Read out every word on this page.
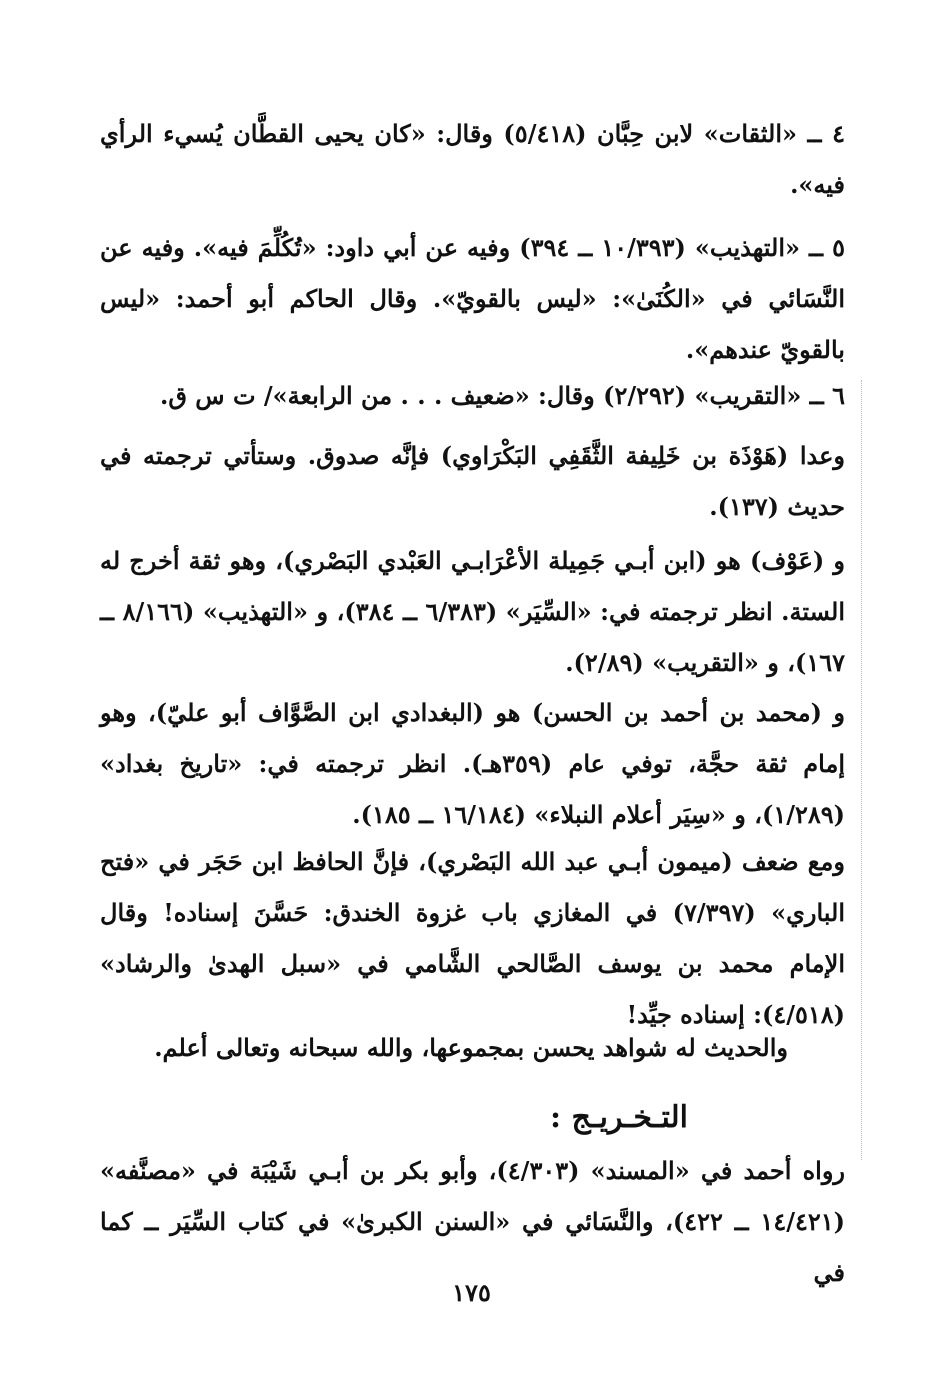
٤ ــ «الثقات» لابن حِبَّان (٥/٤١٨) وقال: «كان يحيى القطَّان يُسيء الرأي فيه».

٥ ــ «التهذيب» (١٠/٣٩٣ ــ ٣٩٤) وفيه عن أبي داود: «تُكُلِّمَ فيه». وفيه عن النَّسَائي في «الكُنَىٰ»: «ليس بالقويّ». وقال الحاكم أبو أحمد: «ليس بالقويّ عندهم».

٦ ــ «التقريب» (٢/٢٩٢) وقال: «ضعيف . . . من الرابعة»/ ت س ق.

وعدا (هَوْذَة بن خَلِيفة الثَّقَفِي البَكْرَاوي) فإنَّه صدوق. وستأتي ترجمته في حديث (١٣٧).

و (عَوْف) هو (ابن أبـي جَمِيلة الأعْرَابـي العَبْدي البَصْري)، وهو ثقة أخرج له الستة. انظر ترجمته في: «السِّيَر» (٦/٣٨٣ ــ ٣٨٤)، و «التهذيب» (٨/١٦٦ ــ ١٦٧)، و «التقريب» (٢/٨٩).

و (محمد بن أحمد بن الحسن) هو (البغدادي ابن الصَّوَّاف أبو عليّ)، وهو إمام ثقة حجَّة، توفي عام (٣٥٩هـ). انظر ترجمته في: «تاريخ بغداد» (١/٢٨٩)، و «سِيَر أعلام النبلاء» (١٦/١٨٤ ــ ١٨٥).

ومع ضعف (ميمون أبـي عبد الله البَصْري)، فإنَّ الحافظ ابن حَجَر في «فتح الباري» (٧/٣٩٧) في المغازي باب غزوة الخندق: حَسَّنَ إسناده! وقال الإمام محمد بن يوسف الصَّالحي الشَّامي في «سبل الهدىٰ والرشاد» (٤/٥١٨): إسناده جيِّد!

والحديث له شواهد يحسن بمجموعها، والله سبحانه وتعالى أعلم.

التـخـريـج :

رواه أحمد في «المسند» (٤/٣٠٣)، وأبو بكر بن أبـي شَيْبَة في «مصنَّفه» (١٤/٤٢١ ــ ٤٢٢)، والنَّسَائي في «السنن الكبرىٰ» في كتاب السِّيَر ــ كما في

١٧٥
